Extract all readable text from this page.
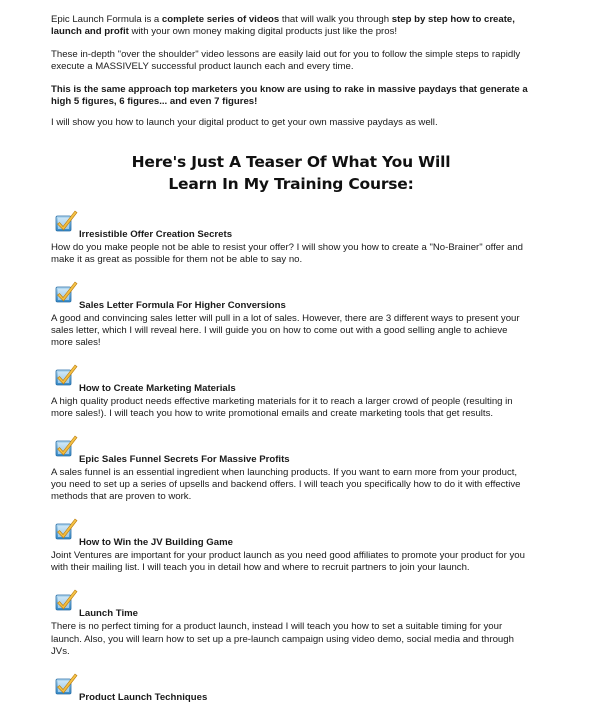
Epic Launch Formula is a complete series of videos that will walk you through step by step how to create, launch and profit with your own money making digital products just like the pros!

These in-depth "over the shoulder" video lessons are easily laid out for you to follow the simple steps to rapidly execute a MASSIVELY successful product launch each and every time.

This is the same approach top marketers you know are using to rake in massive paydays that generate a high 5 figures, 6 figures... and even 7 figures!

I will show you how to launch your digital product to get your own massive paydays as well.

Here's Just A Teaser Of What You Will
Learn In My Training Course:
Irresistible Offer Creation Secrets

How do you make people not be able to resist your offer? I will show you how to create a "No-Brainer" offer and make it as great as possible for them not be able to say no.

Sales Letter Formula For Higher Conversions

A good and convincing sales letter will pull in a lot of sales. However, there are 3 different ways to present your sales letter, which I will reveal here. I will guide you on how to come out with a good selling angle to achieve more sales!

How to Create Marketing Materials

A high quality product needs effective marketing materials for it to reach a larger crowd of people (resulting in more sales!). I will teach you how to write promotional emails and create marketing tools that get results.

Epic Sales Funnel Secrets For Massive Profits

A sales funnel is an essential ingredient when launching products. If you want to earn more from your product, you need to set up a series of upsells and backend offers. I will teach you specifically how to do it with effective methods that are proven to work.

How to Win the JV Building Game

Joint Ventures are important for your product launch as you need good affiliates to promote your product for you with their mailing list. I will teach you in detail how and where to recruit partners to join your launch.

Launch Time

There is no perfect timing for a product launch, instead I will teach you how to set a suitable timing for your launch. Also, you will learn how to set up a pre-launch campaign using video demo, social media and through JVs.

Product Launch Techniques
